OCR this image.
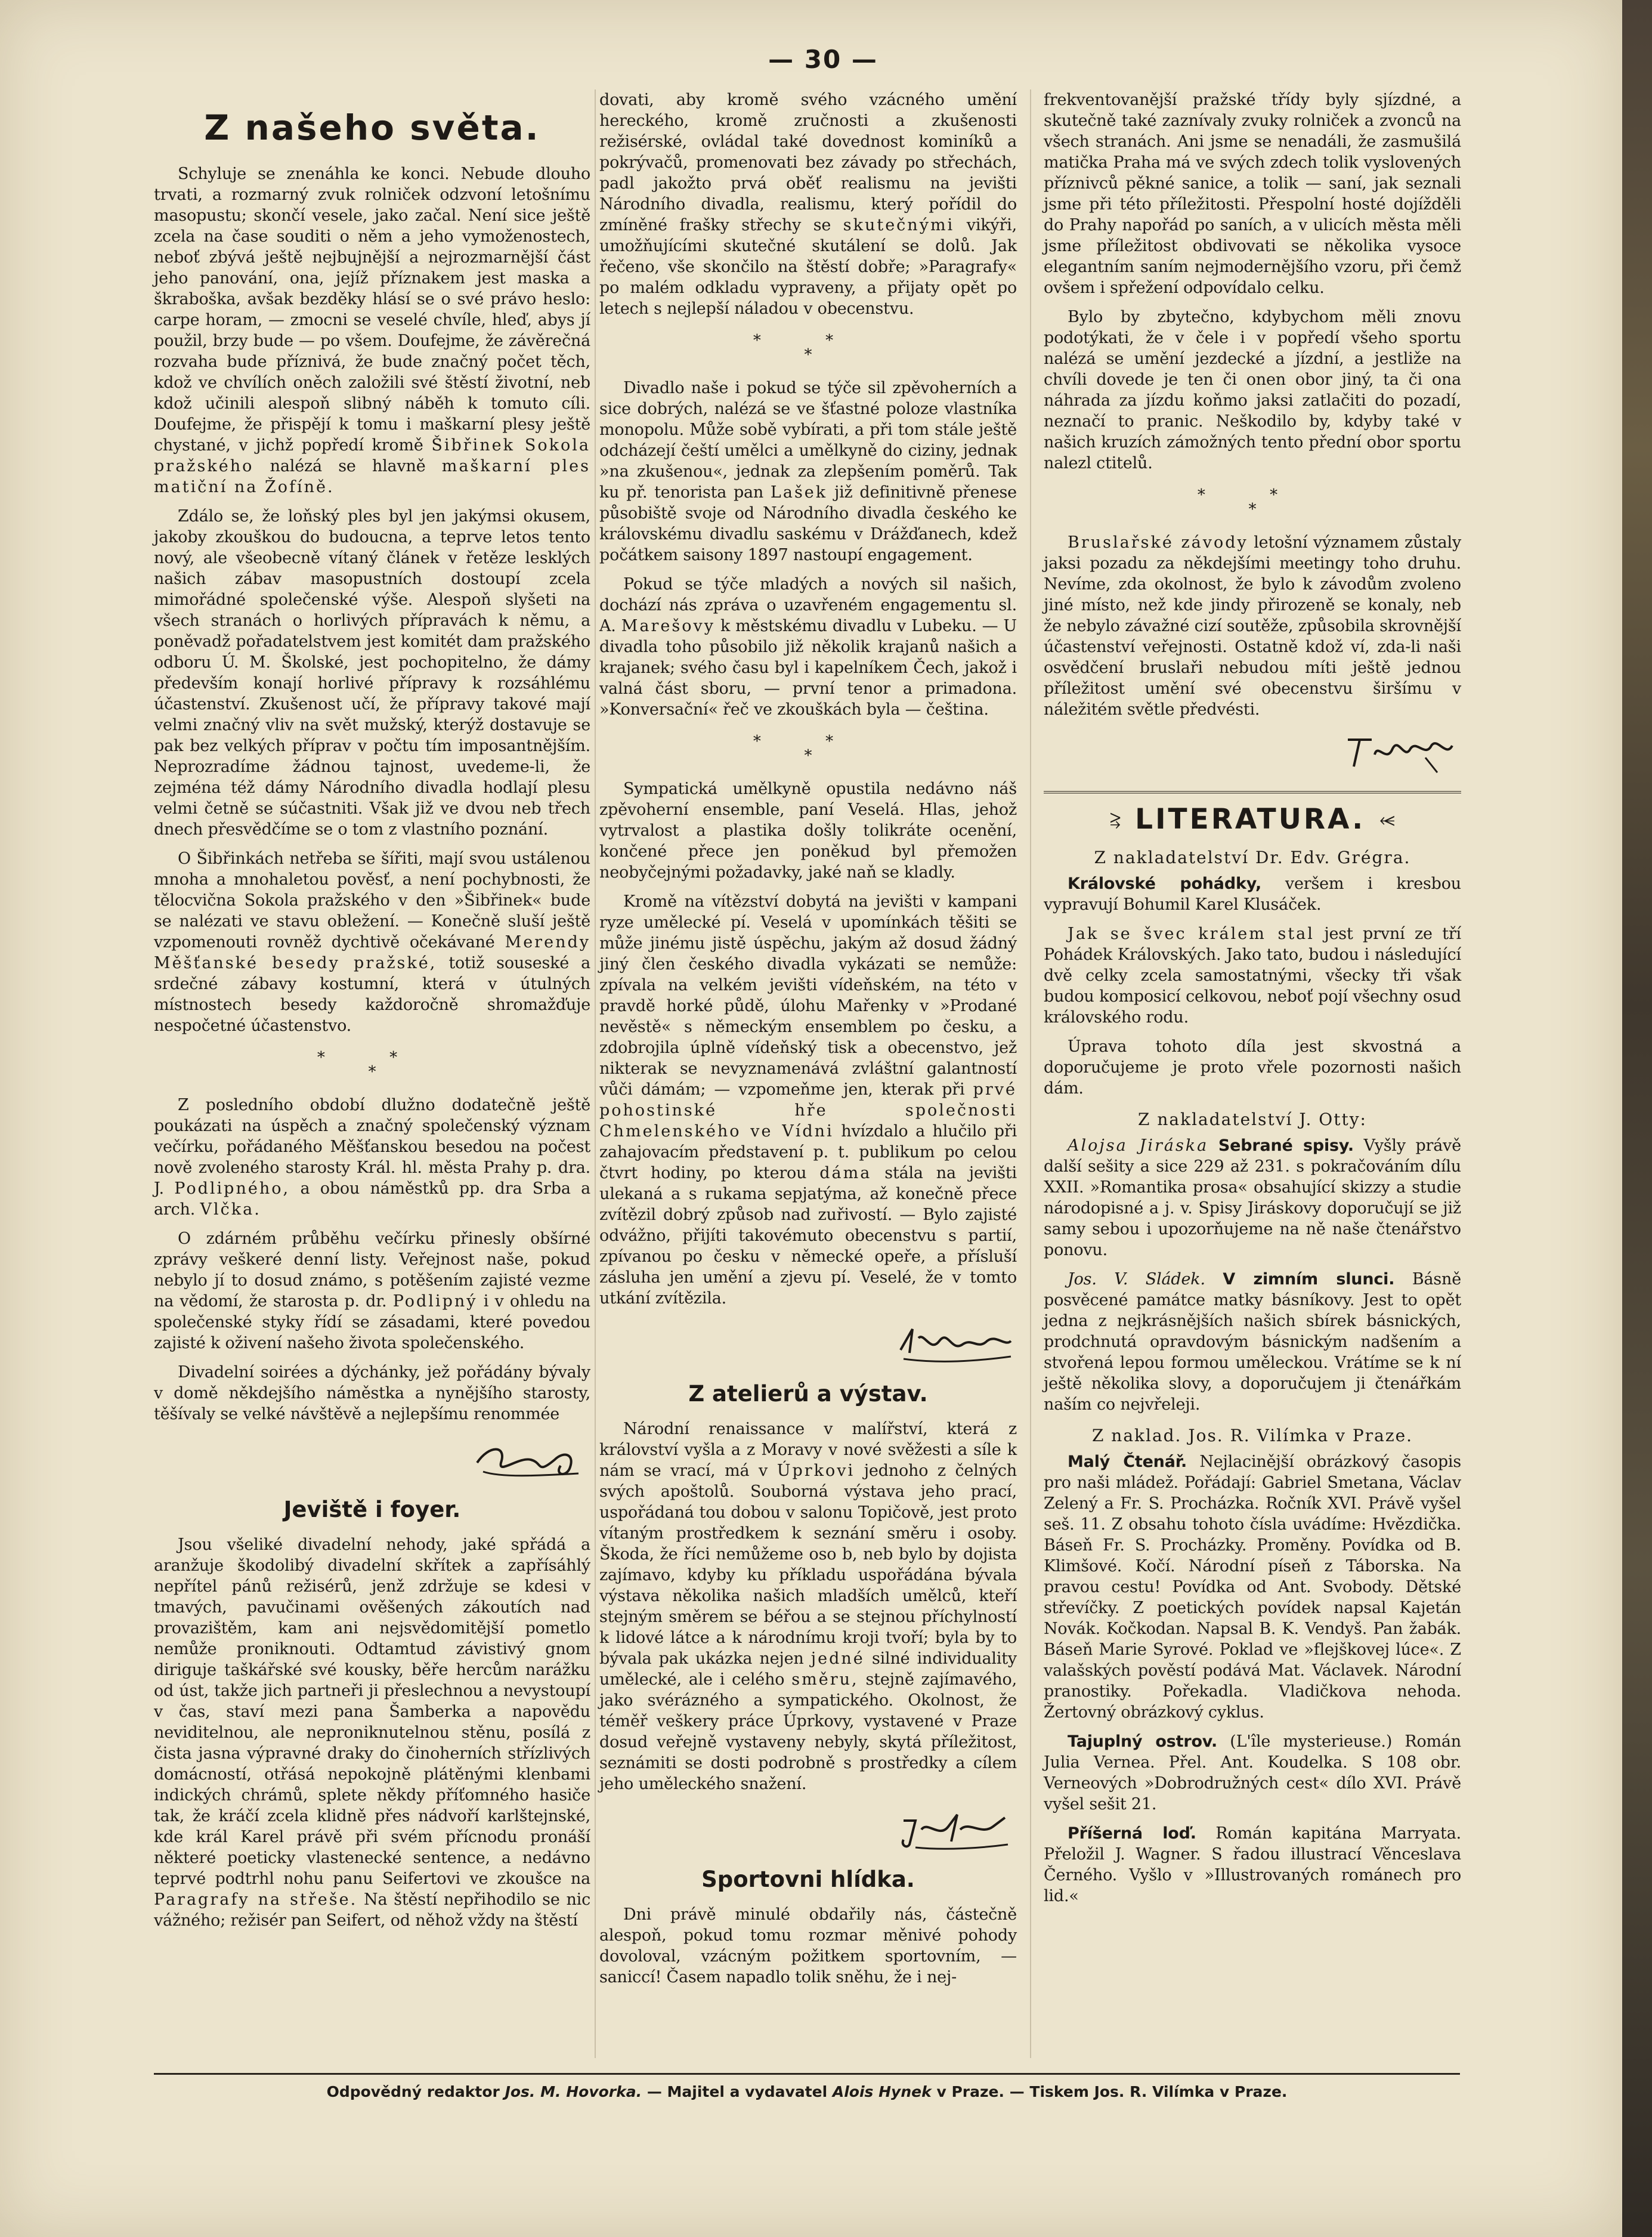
— 30 —
Z našeho světa.

Schyluje se znenáhla ke konci. Nebude dlouho trvati, a rozmarný zvuk rolniček odzvoní letošnímu masopustu; skončí vesele, jako začal. Není sice ještě zcela na čase souditi o něm a jeho vymoženostech, neboť zbývá ještě nejbujnější a nejrozmarnější část jeho panování, ona, jejíž příznakem jest maska a škraboška, avšak bezděky hlásí se o své právo heslo: carpe horam, — zmocni se veselé chvíle, hleď, abys jí použil, brzy bude — po všem. Doufejme, že závěrečná rozvaha bude příznivá, že bude značný počet těch, kdož ve chvílích oněch založili své štěstí životní, neb kdož učinili alespoň slibný náběh k tomuto cíli. Doufejme, že přispějí k tomu i maškarní plesy ještě chystané, v jichž popředí kromě Šibřinek Sokola pražského nalézá se hlavně maškarní ples matiční na Žofíně.

Zdálo se, že loňský ples byl jen jakýmsi okusem, jakoby zkouškou do budoucna, a teprve letos tento nový, ale všeobecně vítaný článek v řetěze lesklých našich zábav masopustních dostoupí zcela mimořádné společenské výše. Alespoň slyšeti na všech stranách o horlivých přípravách k němu, a poněvadž pořadatelstvem jest komitét dam pražského odboru Ú. M. Školské, jest pochopitelno, že dámy především konají horlivé přípravy k rozsáhlému účastenství. Zkušenost učí, že přípravy takové mají velmi značný vliv na svět mužský, kterýž dostavuje se pak bez velkých příprav v počtu tím imposantnějším. Neprozradíme žádnou tajnost, uvedeme-li, že zejména též dámy Národního divadla hodlají plesu velmi četně se súčastniti. Však již ve dvou neb třech dnech přesvědčíme se o tom z vlastního poznání.

O Šibřinkách netřeba se šířiti, mají svou ustálenou mnoha a mnohaletou pověsť, a není pochybnosti, že tělocvična Sokola pražského v den »Šibřinek« bude se nalézati ve stavu obležení. — Konečně sluší ještě vzpomenouti rovněž dychtivě očekávané Merendy Měšťanské besedy pražské, totiž souseské a srdečné zábavy kostumní, která v útulných místnostech besedy každoročně shromažďuje nespočetné účastenstvo.

* *
*

Z posledního období dlužno dodatečně ještě poukázati na úspěch a značný společenský význam večírku, pořádaného Měšťanskou besedou na počest nově zvoleného starosty Král. hl. města Prahy p. dra. J. Podlipného, a obou náměstků pp. dra Srba a arch. Vlčka.

O zdárném průběhu večírku přinesly obšírné zprávy veškeré denní listy. Veřejnost naše, pokud nebylo jí to dosud známo, s potěšením zajisté vezme na vědomí, že starosta p. dr. Podlipný i v ohledu na společenské styky řídí se zásadami, které povedou zajisté k oživení našeho života společenského.

Divadelní soirées a dýchánky, jež pořádány bývaly v domě někdejšího náměstka a nynějšího starosty, těšívaly se velké návštěvě a nejlepšímu renommée

Jeviště i foyer.

Jsou všeliké divadelní nehody, jaké spřádá a aranžuje škodolibý divadelní skřítek a zapřísáhlý nepřítel pánů režisérů, jenž zdržuje se kdesi v tmavých, pavučinami ověšených zákoutích nad provazištěm, kam ani nejsvědomitější pometlo nemůže proniknouti. Odtamtud závistivý gnom diriguje taškářské své kousky, běře hercům narážku od úst, takže jich partneři ji přeslechnou a nevystoupí v čas, staví mezi pana Šamberka a napovědu neviditelnou, ale neproniknutelnou stěnu, posílá z čista jasna výpravné draky do činoherních střízlivých domácností, otřásá nepokojně plátěnými klenbami indických chrámů, splete někdy příťomného hasiče tak, že kráčí zcela klidně přes nádvoří karlštejnské, kde král Karel právě při svém přícnodu pronáší některé poeticky vlastenecké sentence, a nedávno teprvé podtrhl nohu panu Seifertovi ve zkoušce na Paragrafy na střeše. Na štěstí nepřihodilo se nic vážného; režisér pan Seifert, od něhož vždy na štěstí

dovati, aby kromě svého vzácného umění hereckého, kromě zručnosti a zkušenosti režisérské, ovládal také dovednost kominíků a pokrývačů, promenovati bez závady po střechách, padl jakožto prvá oběť realismu na jevišti Národního divadla, realismu, který pořídil do zmíněné frašky střechy se skutečnými vikýři, umožňujícími skutečné skutálení se dolů. Jak řečeno, vše skončilo na štěstí dobře; »Paragrafy« po malém odkladu vypraveny, a přijaty opět po letech s nejlepší náladou v obecenstvu.

* *
*

Divadlo naše i pokud se týče sil zpěvoherních a sice dobrých, nalézá se ve šťastné poloze vlastníka monopolu. Může sobě vybírati, a při tom stále ještě odcházejí čeští umělci a umělkyně do ciziny, jednak »na zkušenou«, jednak za zlepšením poměrů. Tak ku př. tenorista pan Lašek již definitivně přenese působiště svoje od Národního divadla českého ke královskému divadlu saskému v Drážďanech, kdež počátkem saisony 1897 nastoupí engagement.

Pokud se týče mladých a nových sil našich, dochází nás zpráva o uzavřeném engagementu sl. A. Marešovy k městskému divadlu v Lubeku. — U divadla toho působilo již několik krajanů našich a krajanek; svého času byl i kapelníkem Čech, jakož i valná část sboru, — první tenor a primadona. »Konversační« řeč ve zkouškách byla — čeština.

* *
*

Sympatická umělkyně opustila nedávno náš zpěvoherní ensemble, paní Veselá. Hlas, jehož vytrvalost a plastika došly tolikráte ocenění, končené přece jen poněkud byl přemožen neobyčejnými požadavky, jaké naň se kladly.

Kromě na vítězství dobytá na jevišti v kampani ryze umělecké pí. Veselá v upomínkách těšiti se může jinému jistě úspěchu, jakým až dosud žádný jiný člen českého divadla vykázati se nemůže: zpívala na velkém jevišti vídeňském, na této v pravdě horké půdě, úlohu Mařenky v »Prodané nevěstě« s německým ensemblem po česku, a zdobrojila úplně vídeňský tisk a obecenstvo, jež nikterak se nevyznamenává zvláštní galantností vůči dámám; — vzpomeňme jen, kterak při prvé pohostinské hře společnosti Chmelenského ve Vídni hvízdalo a hlučilo při zahajovacím představení p. t. publikum po celou čtvrt hodiny, po kterou dáma stála na jevišti ulekaná a s rukama sepjatýma, až konečně přece zvítězil dobrý způsob nad zuřivostí. — Bylo zajisté odvážno, přijíti takovémuto obecenstvu s partií, zpívanou po česku v německé opeře, a přísluší zásluha jen umění a zjevu pí. Veselé, že v tomto utkání zvítězila.

Z atelierů a výstav.

Národní renaissance v malířství, která z království vyšla a z Moravy v nové svěžesti a síle k nám se vrací, má v Úprkovi jednoho z čelných svých apoštolů. Souborná výstava jeho prací, uspořádaná tou dobou v salonu Topičově, jest proto vítaným prostředkem k seznání směru i osoby. Škoda, že říci nemůžeme oso b, neb bylo by dojista zajímavo, kdyby ku příkladu uspořádána bývala výstava několika našich mladších umělců, kteří stejným směrem se béřou a se stejnou příchylností k lidové látce a k národnímu kroji tvoří; byla by to bývala pak ukázka nejen jedné silné individuality umělecké, ale i celého směru, stejně zajímavého, jako svérázného a sympatického. Okolnost, že téměř veškery práce Úprkovy, vystavené v Praze dosud veřejně vystaveny nebyly, skytá příležitost, seznámiti se dosti podrobně s prostředky a cílem jeho uměleckého snažení.

Sportovni hlídka.

Dni právě minulé obdařily nás, částečně alespoň, pokud tomu rozmar měnivé pohody dovoloval, vzácným požitkem sportovním, — saniccí! Časem napadlo tolik sněhu, že i nej-

frekventovanější pražské třídy byly sjízdné, a skutečně také zaznívaly zvuky rolniček a zvonců na všech stranách. Ani jsme se nenadáli, že zasmušilá matička Praha má ve svých zdech tolik vyslovených příznivců pěkné sanice, a tolik — saní, jak seznali jsme při této příležitosti. Přespolní hosté dojížděli do Prahy napořád po saních, a v ulicích města měli jsme příležitost obdivovati se několika vysoce elegantním saním nejmodernějšího vzoru, při čemž ovšem i spřežení odpovídalo celku.

Bylo by zbytečno, kdybychom měli znovu podotýkati, že v čele i v popředí všeho sportu nalézá se umění jezdecké a jízdní, a jestliže na chvíli dovede je ten či onen obor jiný, ta či ona náhrada za jízdu koňmo jaksi zatlačiti do pozadí, neznačí to pranic. Neškodilo by, kdyby také v našich kruzích zámožných tento přední obor sportu nalezl ctitelů.

* *
*

Bruslařské závody letošní významem zůstaly jaksi pozadu za někdejšími meetingy toho druhu. Nevíme, zda okolnost, že bylo k závodům zvoleno jiné místo, než kde jindy přirozeně se konaly, neb že nebylo závažné cizí soutěže, způsobila skrovnější účastenství veřejnosti. Ostatně kdož ví, zda-li naši osvědčení bruslaři nebudou míti ještě jednou příležitost umění své obecenstvu širšímu v náležitém světle předvésti.

⥸ LITERATURA. ⥷
Z nakladatelství Dr. Edv. Grégra.

Královské pohádky, veršem i kresbou vypravují Bohumil Karel Klusáček.

Jak se švec králem stal jest první ze tří Pohádek Královských. Jako tato, budou i následující dvě celky zcela samostatnými, všecky tři však budou komposicí celkovou, neboť pojí všechny osud královského rodu.

Úprava tohoto díla jest skvostná a doporučujeme je proto vřele pozornosti našich dám.

Z nakladatelství J. Otty:

Alojsa Jiráska Sebrané spisy. Vyšly právě další sešity a sice 229 až 231. s pokračováním dílu XXII. »Romantika prosa« obsahující skizzy a studie národopisné a j. v. Spisy Jiráskovy doporučují se již samy sebou i upozorňujeme na ně naše čtenářstvo ponovu.

Jos. V. Sládek. V zimním slunci. Básně posvěcené památce matky básníkovy. Jest to opět jedna z nejkrásnějších našich sbírek básnických, prodchnutá opravdovým básnickým nadšením a stvořená lepou formou uměleckou. Vrátíme se k ní ještě několika slovy, a doporučujem ji čtenářkám naším co nejvřeleji.

Z naklad. Jos. R. Vilímka v Praze.

Malý Čtenář. Nejlacinější obrázkový časopis pro naši mládež. Pořádají: Gabriel Smetana, Václav Zelený a Fr. S. Procházka. Ročník XVI. Právě vyšel seš. 11. Z obsahu tohoto čísla uvádíme: Hvězdička. Báseň Fr. S. Procházky. Proměny. Povídka od B. Klimšové. Kočí. Národní píseň z Táborska. Na pravou cestu! Povídka od Ant. Svobody. Dětské střevíčky. Z poetických povídek napsal Kajetán Novák. Kočkodan. Napsal B. K. Vendyš. Pan žabák. Báseň Marie Syrové. Poklad ve »flejškovej lúce«. Z valašských pověstí podává Mat. Václavek. Národní pranostiky. Pořekadla. Vladičkova nehoda. Žertovný obrázkový cyklus.

Tajuplný ostrov. (L'île mysterieuse.) Román Julia Vernea. Přel. Ant. Koudelka. S 108 obr. Verneových »Dobrodružných cest« dílo XVI. Právě vyšel sešit 21.

Příšerná loď. Román kapitána Marryata. Přeložil J. Wagner. S řadou illustrací Věnceslava Černého. Vyšlo v »Illustrovaných románech pro lid.«

Odpovědný redaktor Jos. M. Hovorka. — Majitel a vydavatel Alois Hynek v Praze. — Tiskem Jos. R. Vilímka v Praze.
